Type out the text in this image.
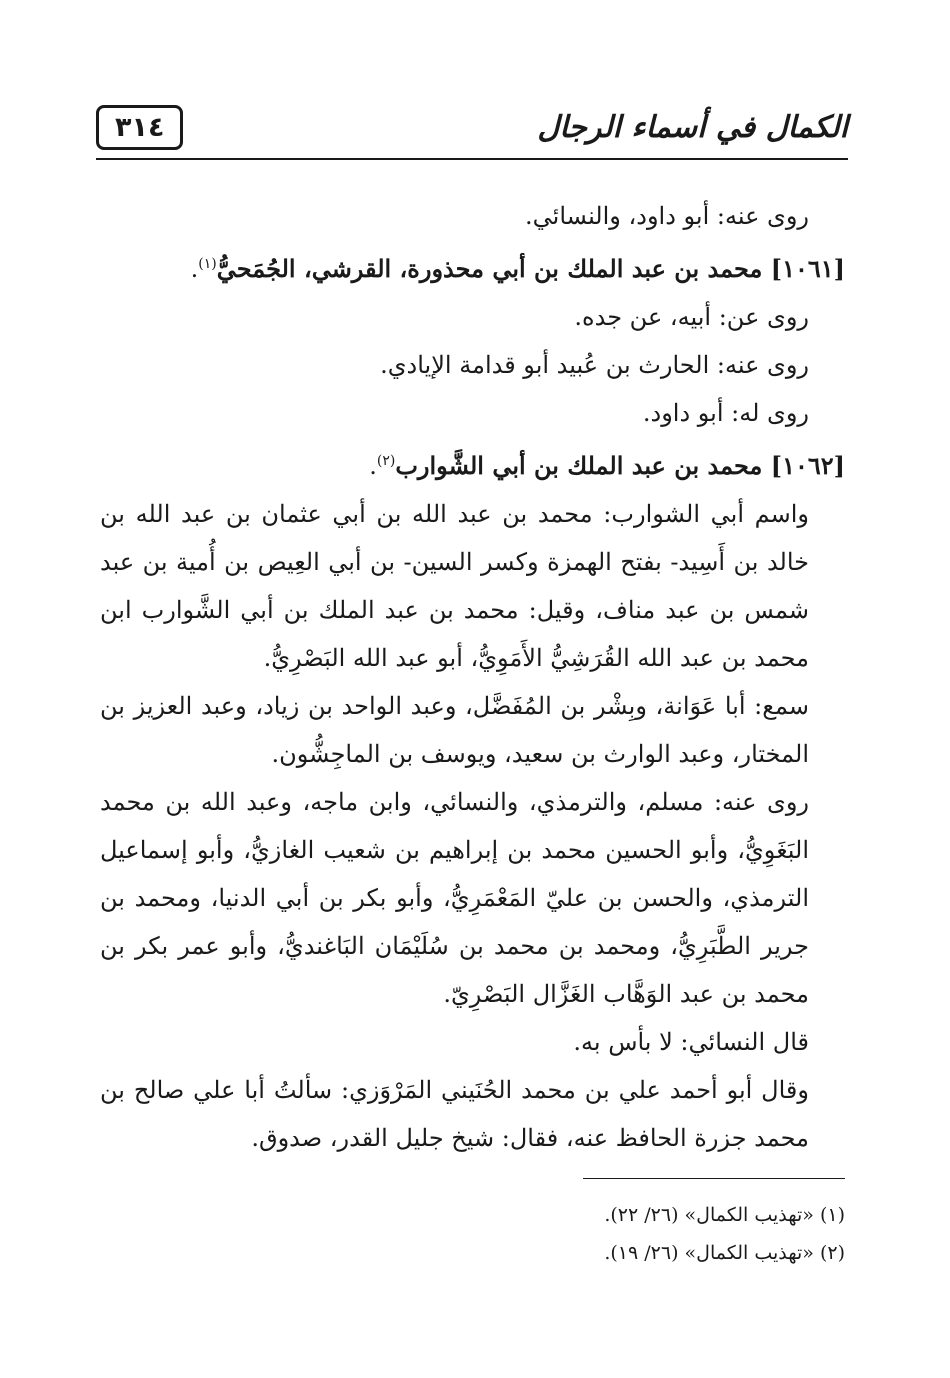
٣١٤	الكمال في أسماء الرجال

روى عنه: أبو داود، والنسائي.

[١٠٦١] محمد بن عبد الملك بن أبي محذورة، القرشي، الجُمَحيُّ$^{(١)}$.

روى عن: أبيه، عن جده.

روى عنه: الحارث بن عُبيد أبو قدامة الإيادي.

روى له: أبو داود.

[١٠٦٢] محمد بن عبد الملك بن أبي الشَّوارب$^{(٢)}$.

واسم أبي الشوارب: محمد بن عبد الله بن أبي عثمان بن عبد الله بن خالد بن أَسِيد- بفتح الهمزة وكسر السين- بن أبي العِيص بن أُمية بن عبد شمس بن عبد مناف، وقيل: محمد بن عبد الملك بن أبي الشَّوارب ابن محمد بن عبد الله القُرَشِيُّ الأَمَوِيُّ، أبو عبد الله البَصْرِيُّ.

سمع: أبا عَوَانة، وبِشْر بن المُفَضَّل، وعبد الواحد بن زياد، وعبد العزيز بن المختار، وعبد الوارث بن سعيد، ويوسف بن الماجِشُّون.

روى عنه: مسلم، والترمذي، والنسائي، وابن ماجه، وعبد الله بن محمد البَغَوِيُّ، وأبو الحسين محمد بن إبراهيم بن شعيب الغازيُّ، وأبو إسماعيل الترمذي، والحسن بن عليّ المَعْمَرِيُّ، وأبو بكر بن أبي الدنيا، ومحمد بن جرير الطَّبَرِيُّ، ومحمد بن محمد بن سُلَيْمَان البَاغنديُّ، وأبو عمر بكر بن محمد بن عبد الوَهَّاب الغَزَّال البَصْرِيّ.

قال النسائي: لا بأس به.

وقال أبو أحمد علي بن محمد الحُنَيني المَرْوَزي: سألتُ أبا علي صالح بن محمد جزرة الحافظ عنه، فقال: شيخ جليل القدر، صدوق.

(١) «تهذيب الكمال» (٢٦/ ٢٢).

(٢) «تهذيب الكمال» (٢٦/ ١٩).
